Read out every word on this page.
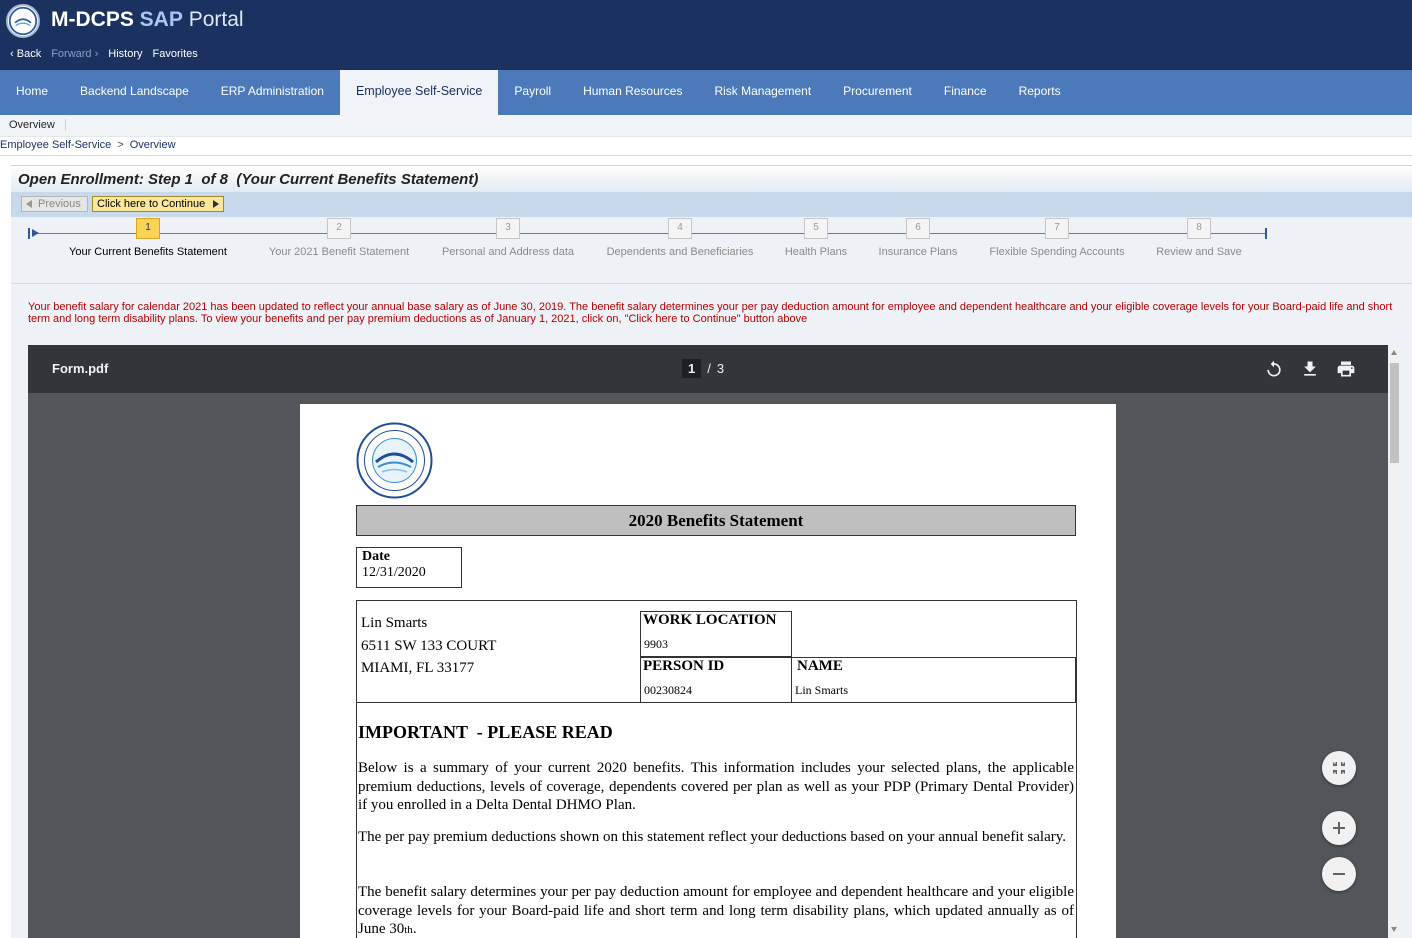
M-DCPS SAP Portal
‹ Back Forward › History Favorites
Home	Backend Landscape	ERP Administration	Employee Self-Service	Payroll	Human Resources	Risk Management	Procurement	Finance	Reports
Overview
Employee Self-Service > Overview
Open Enrollment: Step 1  of 8  (Your Current Benefits Statement)
Previous	Click here to Continue
1
Your Current Benefits Statement
2
Your 2021 Benefit Statement
3
Personal and Address data
4
Dependents and Beneficiaries
5
Health Plans
6
Insurance Plans
7
Flexible Spending Accounts
8
Review and Save
Your benefit salary for calendar 2021 has been updated to reflect your annual base salary as of June 30, 2019. The benefit salary determines your per pay deduction amount for employee and dependent healthcare and your eligible coverage levels for your Board-paid life and short term and long term disability plans. To view your benefits and per pay premium deductions as of January 1, 2021, click on, "Click here to Continue" button above
Form.pdf	1 / 3
2020 Benefits Statement
Date
12/31/2020
Lin Smarts
6511 SW 133 COURT
MIAMI, FL 33177
WORK LOCATION
9903
PERSON ID
00230824
NAME
Lin Smarts
IMPORTANT  - PLEASE READ
Below is a summary of your current 2020 benefits. This information includes your selected plans, the applicable premium deductions, levels of coverage, dependents covered per plan as well as your PDP (Primary Dental Provider) if you enrolled in a Delta Dental DHMO Plan.
The per pay premium deductions shown on this statement reflect your deductions based on your annual benefit salary.
The benefit salary determines your per pay deduction amount for employee and dependent healthcare and your eligible coverage levels for your Board-paid life and short term and long term disability plans, which updated annually as of June 30th.
